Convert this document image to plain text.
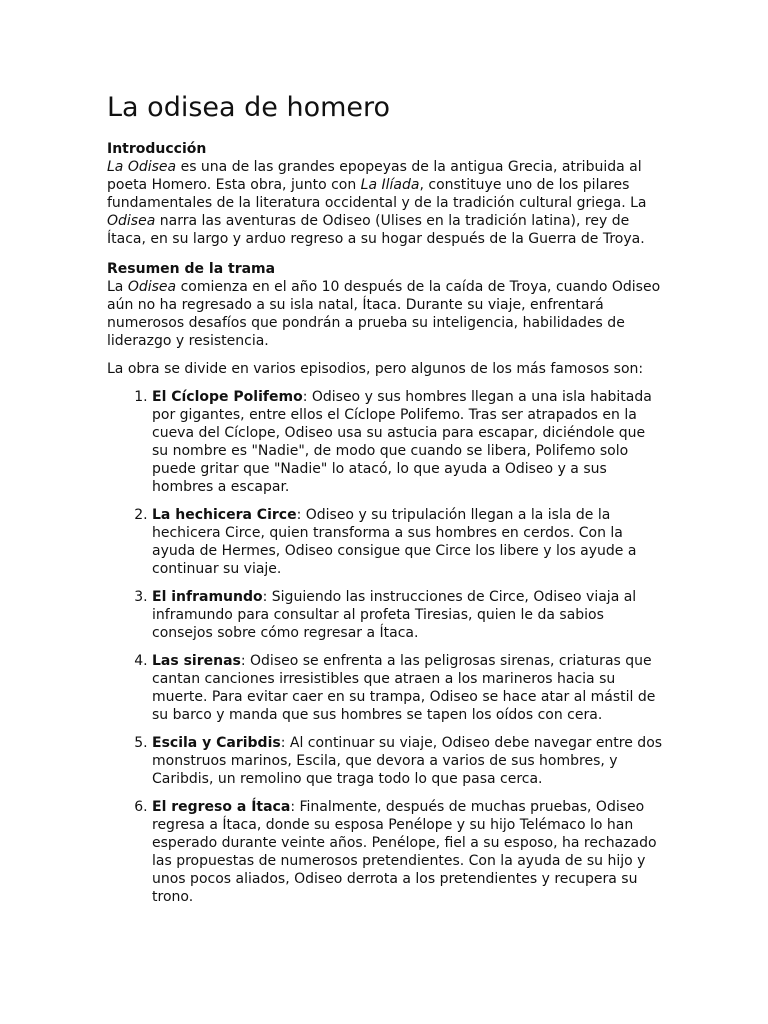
La odisea de homero
Introducción

La Odisea es una de las grandes epopeyas de la antigua Grecia, atribuida al poeta Homero. Esta obra, junto con La Ilíada, constituye uno de los pilares fundamentales de la literatura occidental y de la tradición cultural griega. La Odisea narra las aventuras de Odiseo (Ulises en la tradición latina), rey de Ítaca, en su largo y arduo regreso a su hogar después de la Guerra de Troya.

Resumen de la trama

La Odisea comienza en el año 10 después de la caída de Troya, cuando Odiseo aún no ha regresado a su isla natal, Ítaca. Durante su viaje, enfrentará numerosos desafíos que pondrán a prueba su inteligencia, habilidades de liderazgo y resistencia.

La obra se divide en varios episodios, pero algunos de los más famosos son:

1. El Cíclope Polifemo: Odiseo y sus hombres llegan a una isla habitada por gigantes, entre ellos el Cíclope Polifemo. Tras ser atrapados en la cueva del Cíclope, Odiseo usa su astucia para escapar, diciéndole que su nombre es "Nadie", de modo que cuando se libera, Polifemo solo puede gritar que "Nadie" lo atacó, lo que ayuda a Odiseo y a sus hombres a escapar.
2. La hechicera Circe: Odiseo y su tripulación llegan a la isla de la hechicera Circe, quien transforma a sus hombres en cerdos. Con la ayuda de Hermes, Odiseo consigue que Circe los libere y los ayude a continuar su viaje.
3. El inframundo: Siguiendo las instrucciones de Circe, Odiseo viaja al inframundo para consultar al profeta Tiresias, quien le da sabios consejos sobre cómo regresar a Ítaca.
4. Las sirenas: Odiseo se enfrenta a las peligrosas sirenas, criaturas que cantan canciones irresistibles que atraen a los marineros hacia su muerte. Para evitar caer en su trampa, Odiseo se hace atar al mástil de su barco y manda que sus hombres se tapen los oídos con cera.
5. Escila y Caribdis: Al continuar su viaje, Odiseo debe navegar entre dos monstruos marinos, Escila, que devora a varios de sus hombres, y Caribdis, un remolino que traga todo lo que pasa cerca.
6. El regreso a Ítaca: Finalmente, después de muchas pruebas, Odiseo regresa a Ítaca, donde su esposa Penélope y su hijo Telémaco lo han esperado durante veinte años. Penélope, fiel a su esposo, ha rechazado las propuestas de numerosos pretendientes. Con la ayuda de su hijo y unos pocos aliados, Odiseo derrota a los pretendientes y recupera su trono.
